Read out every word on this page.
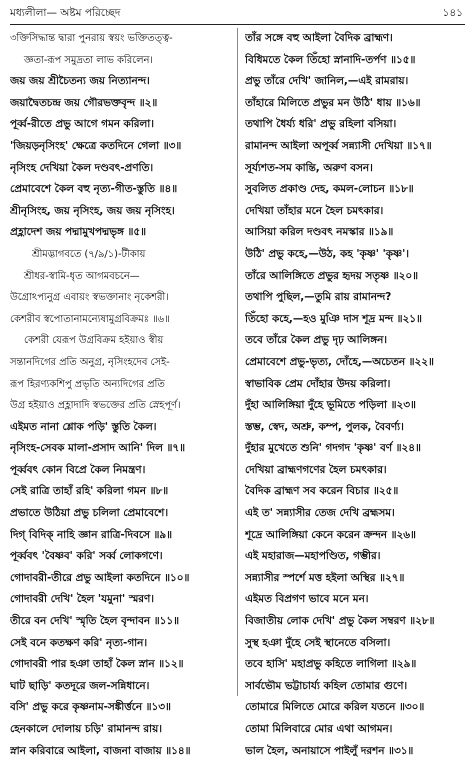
মধ্যলীলা— অষ্টম পরিচ্ছেদ	১৪১
৩ক্তিসিদ্ধান্ত দ্বারা পুনরায় স্বয়ং ভক্তিতত্ত্ব-
জ্ঞতা-রূপ সমুদ্রতা লাভ করিলেন।
জয় জয় শ্রীচৈতন্য জয় নিত্যানন্দ।
জয়াদ্বৈতচন্দ্র জয় গৌরভক্তবৃন্দ ॥২॥
পূর্ব্ব-রীতে প্রভু আগে গমন করিলা।
'জিয়ড়নৃসিংহ' ক্ষেত্রে কতদিনে গেলা ॥৩॥
নৃসিংহ দেখিয়া কৈল দণ্ডবৎ-প্রণতি।
প্রেমাবেশে কৈল বহু নৃত্য-গীত-স্তুতি ॥৪॥
শ্রীনৃসিংহ, জয় নৃসিংহ, জয় জয় নৃসিংহ।
প্রহ্লাদেশ জয় পদ্মামুখপদ্মভৃঙ্গ ॥৫॥
শ্রীমদ্ভাগবতে (৭/৯/১)-টীকায়
শ্রীধর-স্বামি-ধৃত আগমবচনে—
উগ্রোঽপ্যনুগ্র এবায়ং স্বভক্তানাং নৃকেশরী।
কেশরীব স্বপোতানামন্যেষামুগ্রবিক্রমঃ ॥৬॥
কেশরী যেরূপ উগ্রবিক্রম হইয়াও স্বীয়
সন্তানদিগের প্রতি অনুগ্র, নৃসিংহদেব সেই-
রূপ হিরণ্যকশিপু প্রভৃতি অন্যদিগের প্রতি
উগ্র হইয়াও প্রহ্লাদাদি স্বভক্তের প্রতি স্নেহপূর্ণ।
এইমত নানা শ্লোক পড়ি' স্তুতি কৈল।
নৃসিংহ-সেবক মালা-প্রসাদ আনি' দিল ॥৭॥
পূর্ব্ববৎ কোন বিপ্রে কৈল নিমন্ত্রণ।
সেই রাত্রি তাহাঁ রহি' করিলা গমন ॥৮॥
প্রভাতে উঠিয়া প্রভু চলিলা প্রেমাবেশে।
দিগ্ বিদিক্ নাহি জ্ঞান রাত্রি-দিবসে ॥৯॥
পূর্ব্ববৎ 'বৈষ্ণব' করি' সর্ব্ব লোকগণে।
গোদাবরী-তীরে প্রভু আইলা কতদিনে ॥১০॥
গোদাবরী দেখি' হৈল 'যমুনা' স্মরণ।
তীরে বন দেখি' স্মৃতি হৈল বৃন্দাবন ॥১১॥
সেই বনে কতক্ষণ করি' নৃত্য-গান।
গোদাবরী পার হঞা তাহাঁ কৈল স্নান ॥১২॥
ঘাট ছাড়ি' কতদূরে জল-সন্নিধানে।
বসি' প্রভু করে কৃষ্ণনাম-সঙ্কীর্ত্তনে ॥১৩॥
হেনকালে দোলায় চড়ি' রামানন্দ রায়।
স্নান করিবারে আইলা, বাজনা বাজায় ॥১৪॥
তাঁর সঙ্গে বহু আইলা বৈদিক ব্রাহ্মণ।
বিধিমতে কৈল তিঁহো স্নানাদি-তর্পণ ॥১৫॥
প্রভু তাঁরে দেখি' জানিল,—এই রামরায়।
তাঁহারে মিলিতে প্রভুর মন উঠি' ধায় ॥১৬॥
তথাপি ধৈর্য্য ধরি' প্রভু রহিলা বসিয়া।
রামানন্দ আইলা অপূর্ব্ব সন্ন্যাসী দেখিয়া ॥১৭॥
সূর্য্যশত-সম কান্তি, অরুণ বসন।
সুবলিত প্রকাণ্ড দেহ, কমল-লোচন ॥১৮॥
দেখিয়া তাঁহার মনে হৈল চমৎকার।
আসিয়া করিল দণ্ডবৎ নমস্কার ॥১৯॥
উঠি' প্রভু কহে,—উঠ, কহ 'কৃষ্ণ' 'কৃষ্ণ'।
তাঁরে আলিঙ্গিতে প্রভুর হৃদয় সতৃষ্ণ ॥২০॥
তথাপি পুছিল,—তুমি রায় রামানন্দ?
তিঁহো কহে,—হও মুঞি দাস শূদ্র মন্দ ॥২১॥
তবে তাঁরে কৈল প্রভু দৃঢ় আলিঙ্গন।
প্রেমাবেশে প্রভু-ভৃত্য, দোঁহে,—অচেতন ॥২২॥
স্বাভাবিক প্রেম দোঁহার উদয় করিলা।
দুঁহা আলিঙ্গিয়া দুঁহে ভূমিতে পড়িলা ॥২৩॥
স্তম্ভ, স্বেদ, অশ্রু, কম্প, পুলক, বৈবর্ণ্য।
দুঁহার মুখেতে শুনি' গদগদ 'কৃষ্ণ' বর্ণ ॥২৪॥
দেখিয়া ব্রাহ্মণগণের হৈল চমৎকার।
বৈদিক ব্রাহ্মণ সব করেন বিচার ॥২৫॥
এই ত' সন্ন্যাসীর তেজ দেখি ব্রহ্মসম।
শূদ্রে আলিঙ্গিয়া কেনে করেন ক্রন্দন ॥২৬॥
এই মহারাজ—মহাপণ্ডিত, গম্ভীর।
সন্ন্যাসীর স্পর্শে মত্ত হইলা অস্থির ॥২৭॥
এইমত বিপ্রগণ ভাবে মনে মন।
বিজাতীয় লোক দেখি' প্রভু কৈল সম্বরণ ॥২৮॥
সুস্থ হঞা দুঁহে সেই স্থানেতে বসিলা।
তবে হাসি' মহাপ্রভু কহিতে লাগিলা ॥২৯॥
সার্বভৌম ভট্টাচার্য্য কহিল তোমার গুণে।
তোমারে মিলিতে মোরে করিল যতনে ॥৩০॥
তোমা মিলিবারে মোর এথা আগমন।
ভাল হৈল, অনায়াসে পাইলুঁ দরশন ॥৩১॥
